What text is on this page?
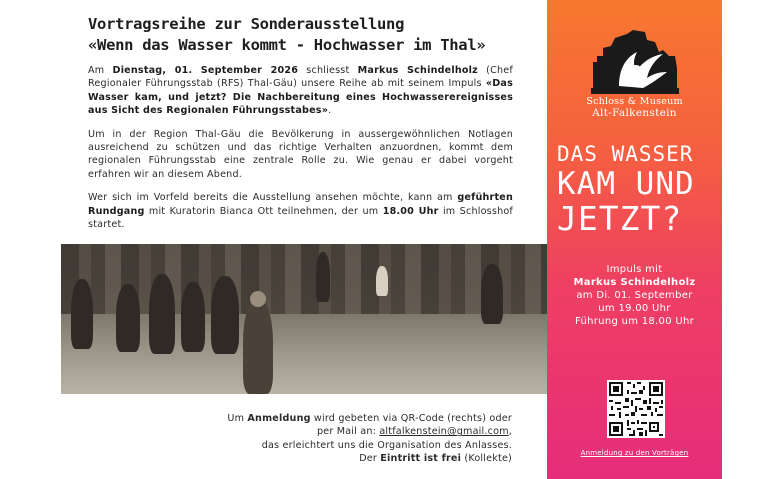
Vortragsreihe zur Sonderausstellung
«Wenn das Wasser kommt - Hochwasser im Thal»

Am Dienstag, 01. September 2026 schliesst Markus Schindelholz (Chef Regionaler Führungsstab (RFS) Thal-Gäu) unsere Reihe ab mit seinem Impuls «Das Wasser kam, und jetzt? Die Nachbereitung eines Hochwasserereignisses aus Sicht des Regionalen Führungsstabes».

Um in der Region Thal-Gäu die Bevölkerung in aussergewöhnlichen Notlagen ausreichend zu schützen und das richtige Verhalten anzuordnen, kommt dem regionalen Führungsstab eine zentrale Rolle zu. Wie genau er dabei vorgeht erfahren wir an diesem Abend.

Wer sich im Vorfeld bereits die Ausstellung ansehen möchte, kann am geführten Rundgang mit Kuratorin Bianca Ott teilnehmen, der um 18.00 Uhr im Schlosshof startet.

Um Anmeldung wird gebeten via QR-Code (rechts) oder

per Mail an: altfalkenstein@gmail.com,

das erleichtert uns die Organisation des Anlasses.

Der Eintritt ist frei (Kollekte)

Schloss & Museum
Alt-Falkenstein
DAS WASSER
KAM UND
JETZT?
Impuls mit
Markus Schindelholz
am Di. 01. September
um 19.00 Uhr
Führung um 18.00 Uhr
Anmeldung zu den Vorträgen
